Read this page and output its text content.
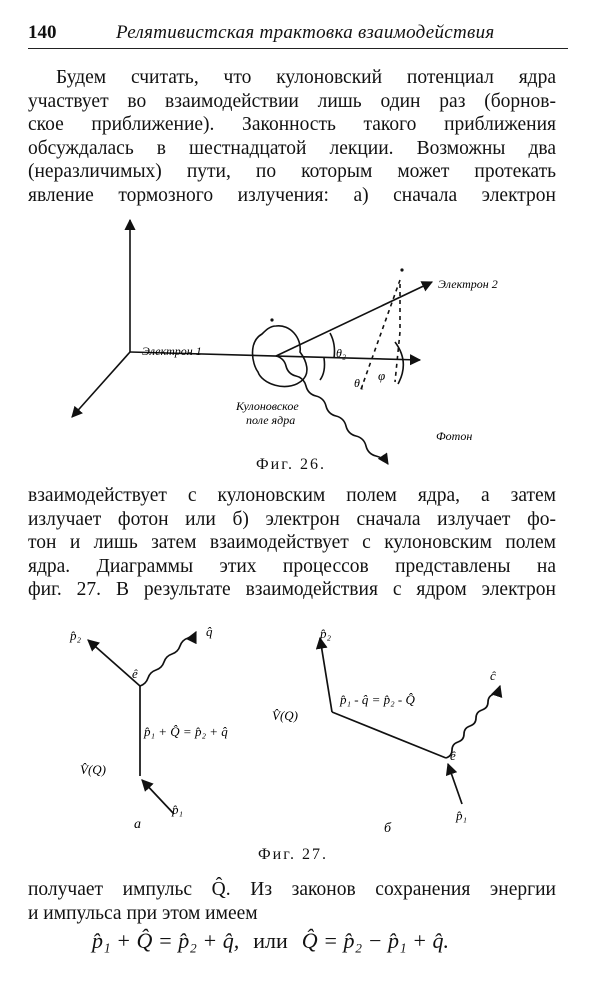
140	Релятивистская трактовка взаимодействия

Будем считать, что кулоновский потенциал ядра
участвует во взаимодействии лишь один раз (борнов-
ское приближение). Законность такого приближения
обсуждалась в шестнадцатой лекции. Возможны два
(неразличимых) пути, по которым может протекать
явление тормозного излучения: а) сначала электрон

Электрон 1
Электрон 2
Фотон
Кулоновское
поле ядра
θ₂
θ₁ φ
Фиг. 26.

взаимодействует с кулоновским полем ядра, а затем
излучает фотон или б) электрон сначала излучает фо-
тон и лишь затем взаимодействует с кулоновским полем
ядра. Диаграммы этих процессов представлены на
фиг. 27. В результате взаимодействия с ядром электрон

p̂₂	q̂
ê
p̂₁ + Q̂ = p̂₂ + q̂
V̂(Q)
p̂₁
а
p̂₂
ĉ
p̂₁ - q̂ = p̂₂ - Q̂
V̂(Q)
ê
p̂₁
б
Фиг. 27.

получает импульс Q̂. Из законов сохранения энергии
и импульса при этом имеем

p̂₁ + Q̂ = p̂₂ + q̂, или Q̂ = p̂₂ − p̂₁ + q̂.
